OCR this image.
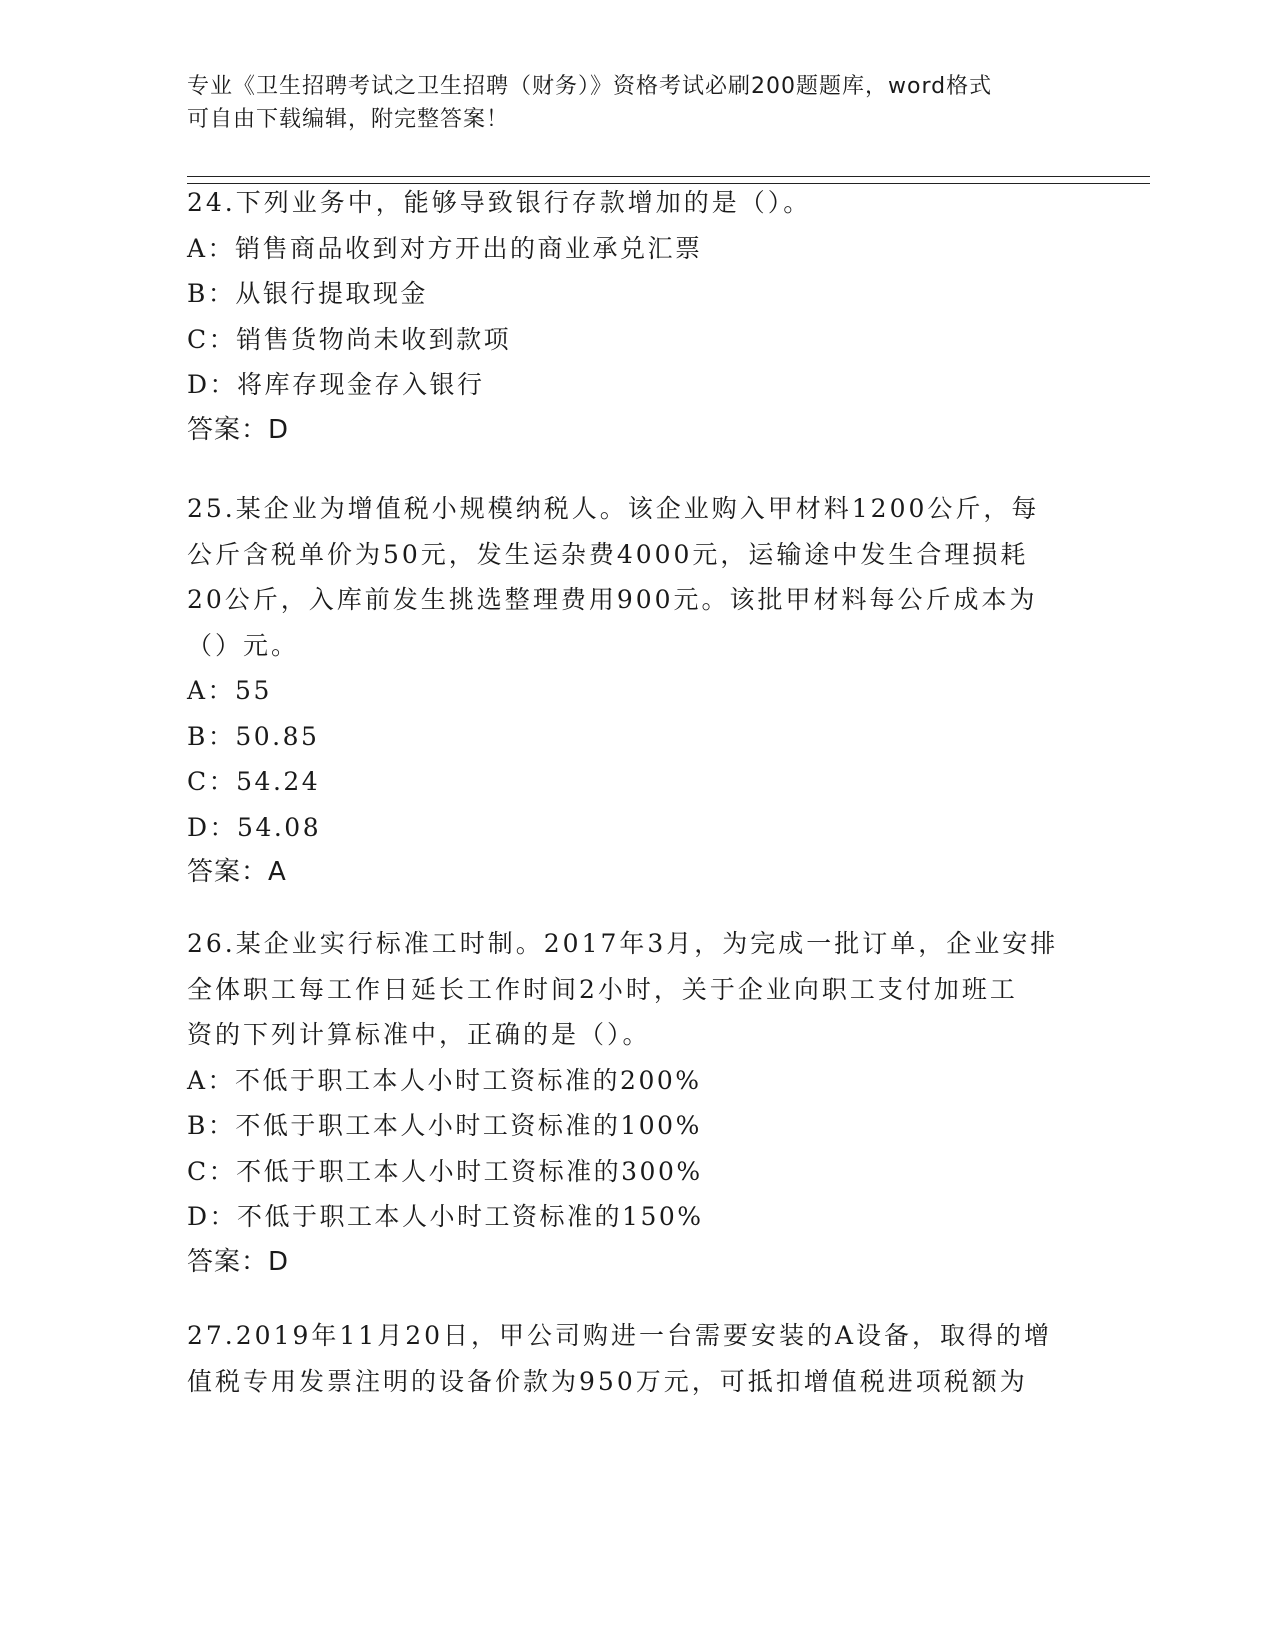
专业《卫生招聘考试之卫生招聘（财务）》资格考试必刷200题题库，word格式
可自由下载编辑，附完整答案！
24.下列业务中，能够导致银行存款增加的是（）。
A：销售商品收到对方开出的商业承兑汇票
B：从银行提取现金
C：销售货物尚未收到款项
D：将库存现金存入银行
答案：D
25.某企业为增值税小规模纳税人。该企业购入甲材料1200公斤，每
公斤含税单价为50元，发生运杂费4000元，运输途中发生合理损耗
20公斤，入库前发生挑选整理费用900元。该批甲材料每公斤成本为
（）元。
A：55
B：50.85
C：54.24
D：54.08
答案：A
26.某企业实行标准工时制。2017年3月，为完成一批订单，企业安排
全体职工每工作日延长工作时间2小时，关于企业向职工支付加班工
资的下列计算标准中，正确的是（）。
A：不低于职工本人小时工资标准的200%
B：不低于职工本人小时工资标准的100%
C：不低于职工本人小时工资标准的300%
D：不低于职工本人小时工资标准的150%
答案：D
27.2019年11月20日，甲公司购进一台需要安装的A设备，取得的增
值税专用发票注明的设备价款为950万元，可抵扣增值税进项税额为
